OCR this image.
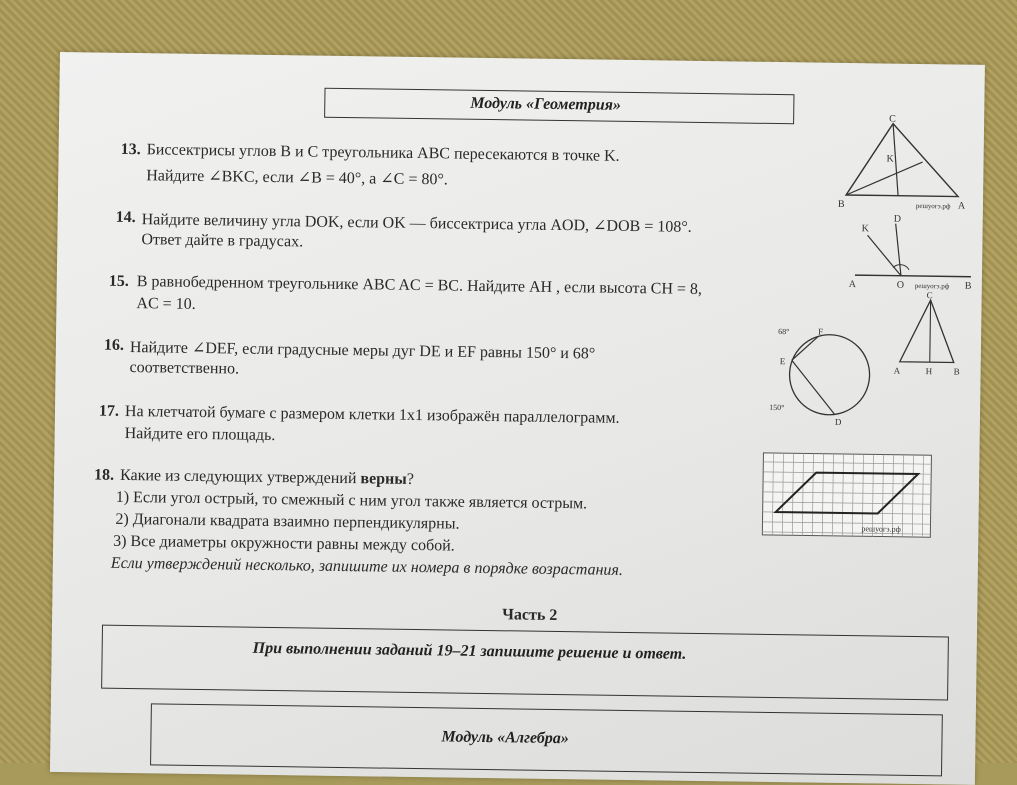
Модуль «Геометрия»
13. Биссектрисы углов B и C треугольника ABC пересекаются в точке K.
Найдите ∠BKC, если ∠B = 40°, а ∠C = 80°.
14. Найдите величину угла DOK, если OK — биссектриса угла AOD, ∠DOB = 108°.
Ответ дайте в градусах.
15. В равнобедренном треугольнике ABC AC = BC. Найдите AH , если высота CH = 8,
AC = 10.
16. Найдите ∠DEF, если градусные меры дуг DE и EF равны 150° и 68°
соответственно.
17. На клетчатой бумаге с размером клетки 1x1 изображён параллелограмм.
Найдите его площадь.
18. Какие из следующих утверждений верны?
1) Если угол острый, то смежный с ним угол также является острым.
2) Диагонали квадрата взаимно перпендикулярны.
3) Все диаметры окружности равны между собой.
Если утверждений несколько, запишите их номера в порядке возрастания.
Часть 2
При выполнении заданий 19–21 запишите решение и ответ.
Модуль «Алгебра»
C
K
B	A
решуогэ.рф
K
D
A	O	B
решуогэ.рф
C
A	H B
68°	F
E
150°
D
решуогэ.рф
